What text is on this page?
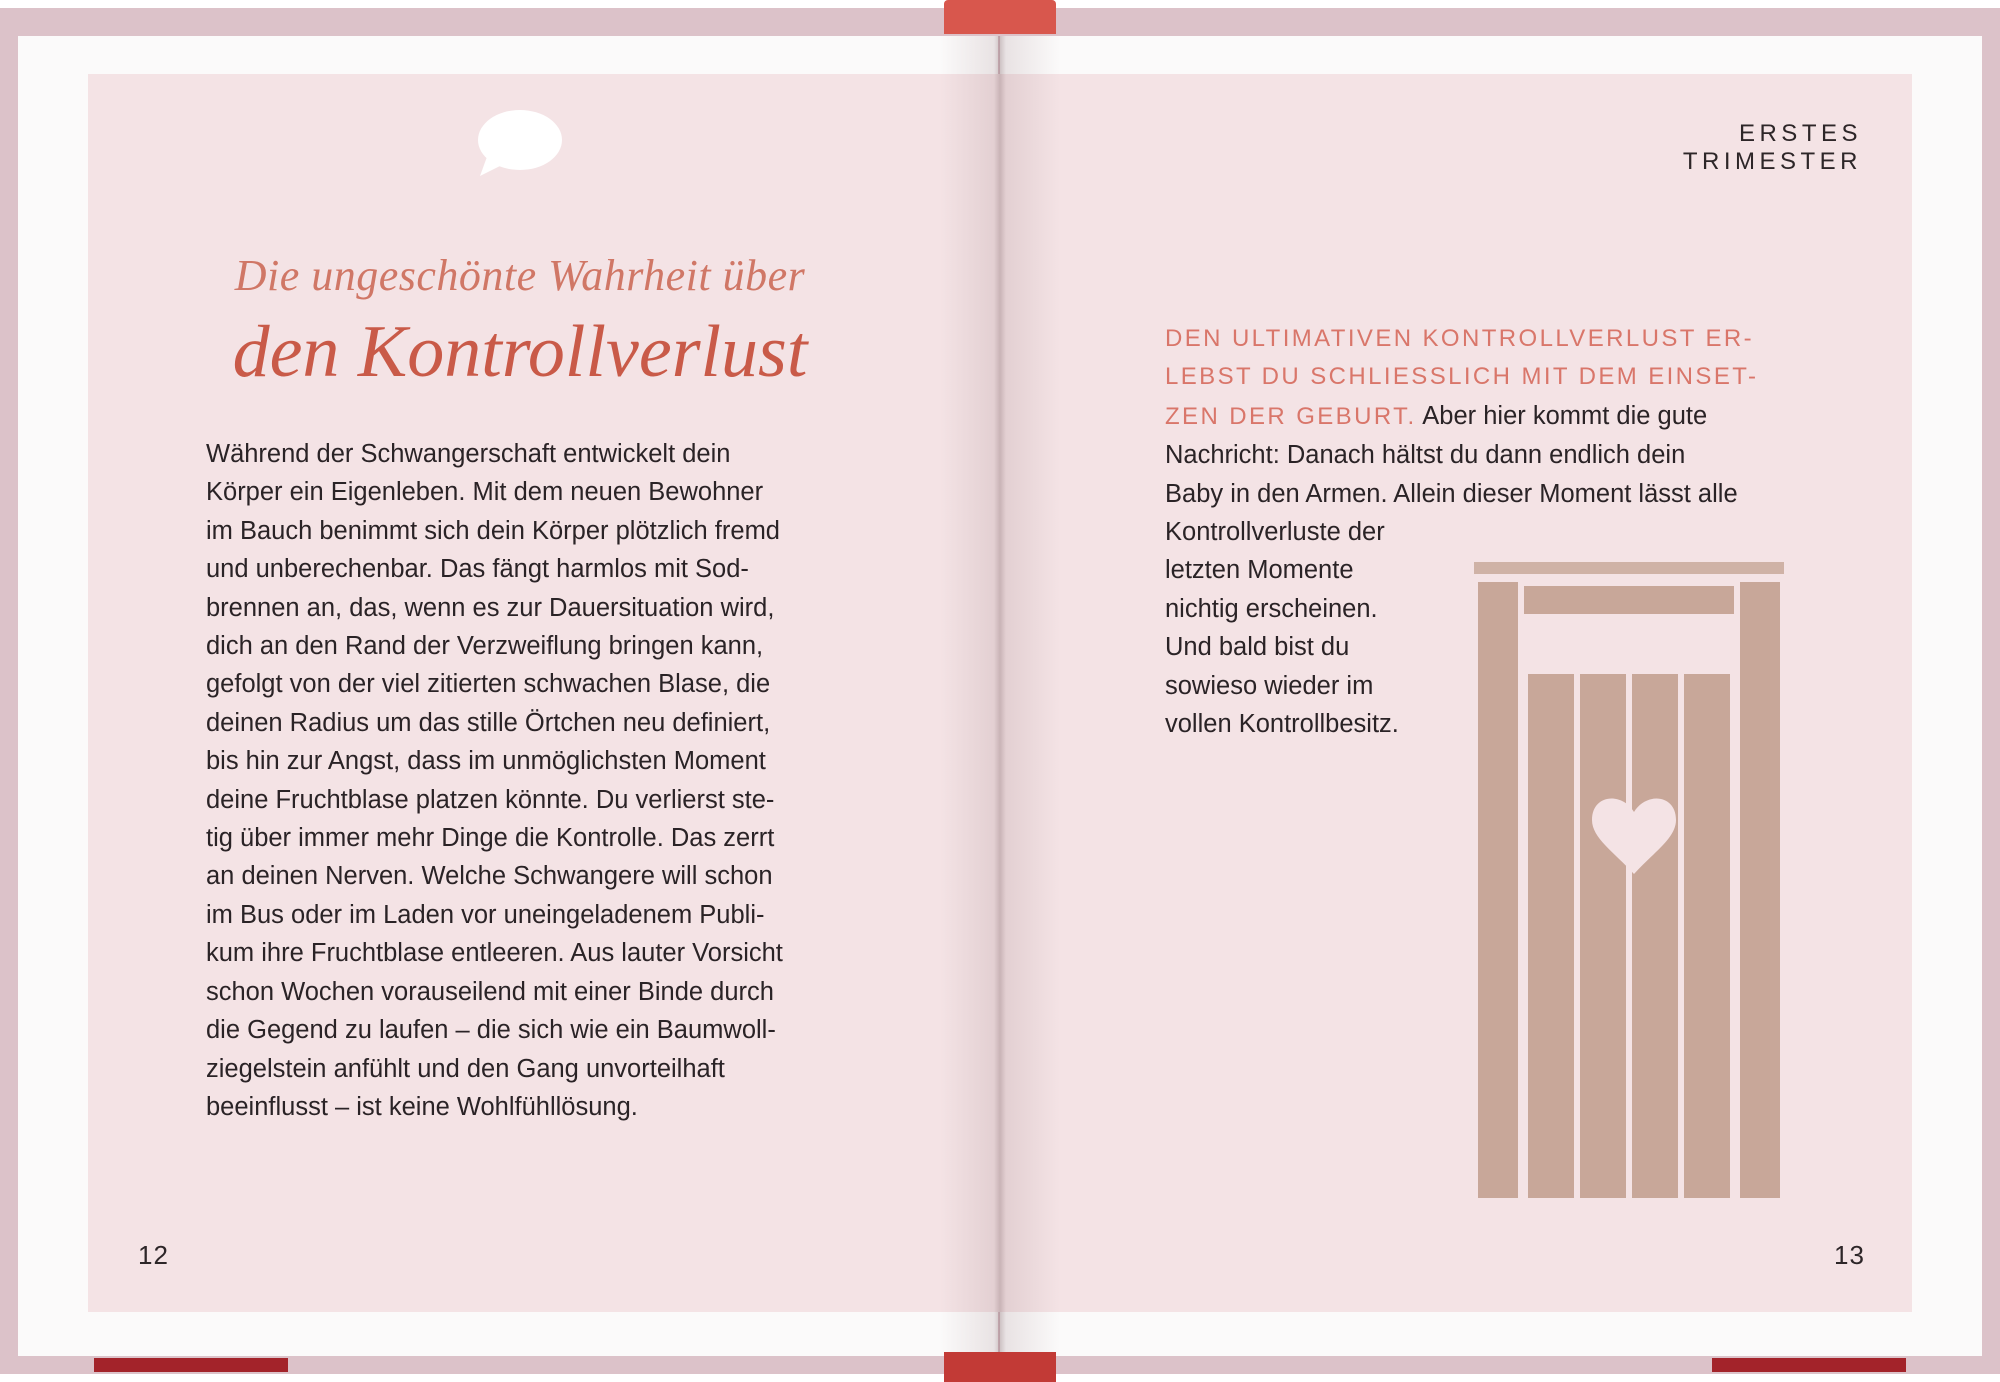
Die ungeschönte Wahrheit über
den Kontrollverlust
Während der Schwangerschaft entwickelt dein
Körper ein Eigenleben. Mit dem neuen Bewohner
im Bauch benimmt sich dein Körper plötzlich fremd
und unberechenbar. Das fängt harmlos mit Sod-
brennen an, das, wenn es zur Dauersituation wird,
dich an den Rand der Verzweiflung bringen kann,
gefolgt von der viel zitierten schwachen Blase, die
deinen Radius um das stille Örtchen neu definiert,
bis hin zur Angst, dass im unmöglichsten Moment
deine Fruchtblase platzen könnte. Du verlierst ste-
tig über immer mehr Dinge die Kontrolle. Das zerrt
an deinen Nerven. Welche Schwangere will schon
im Bus oder im Laden vor uneingeladenem Publi-
kum ihre Fruchtblase entleeren. Aus lauter Vorsicht
schon Wochen vorauseilend mit einer Binde durch
die Gegend zu laufen – die sich wie ein Baumwoll-
ziegelstein anfühlt und den Gang unvorteilhaft
beeinflusst – ist keine Wohlfühllösung.
12
ERSTES TRIMESTER
DEN ULTIMATIVEN KONTROLLVERLUST ER-
LEBST DU SCHLIESSLICH MIT DEM EINSET-
ZEN DER GEBURT. Aber hier kommt die gute
Nachricht: Danach hältst du dann endlich dein
Baby in den Armen. Allein dieser Moment lässt alle
Kontrollverluste der
letzten Momente
nichtig erscheinen.
Und bald bist du
sowieso wieder im
vollen Kontrollbesitz.
13
